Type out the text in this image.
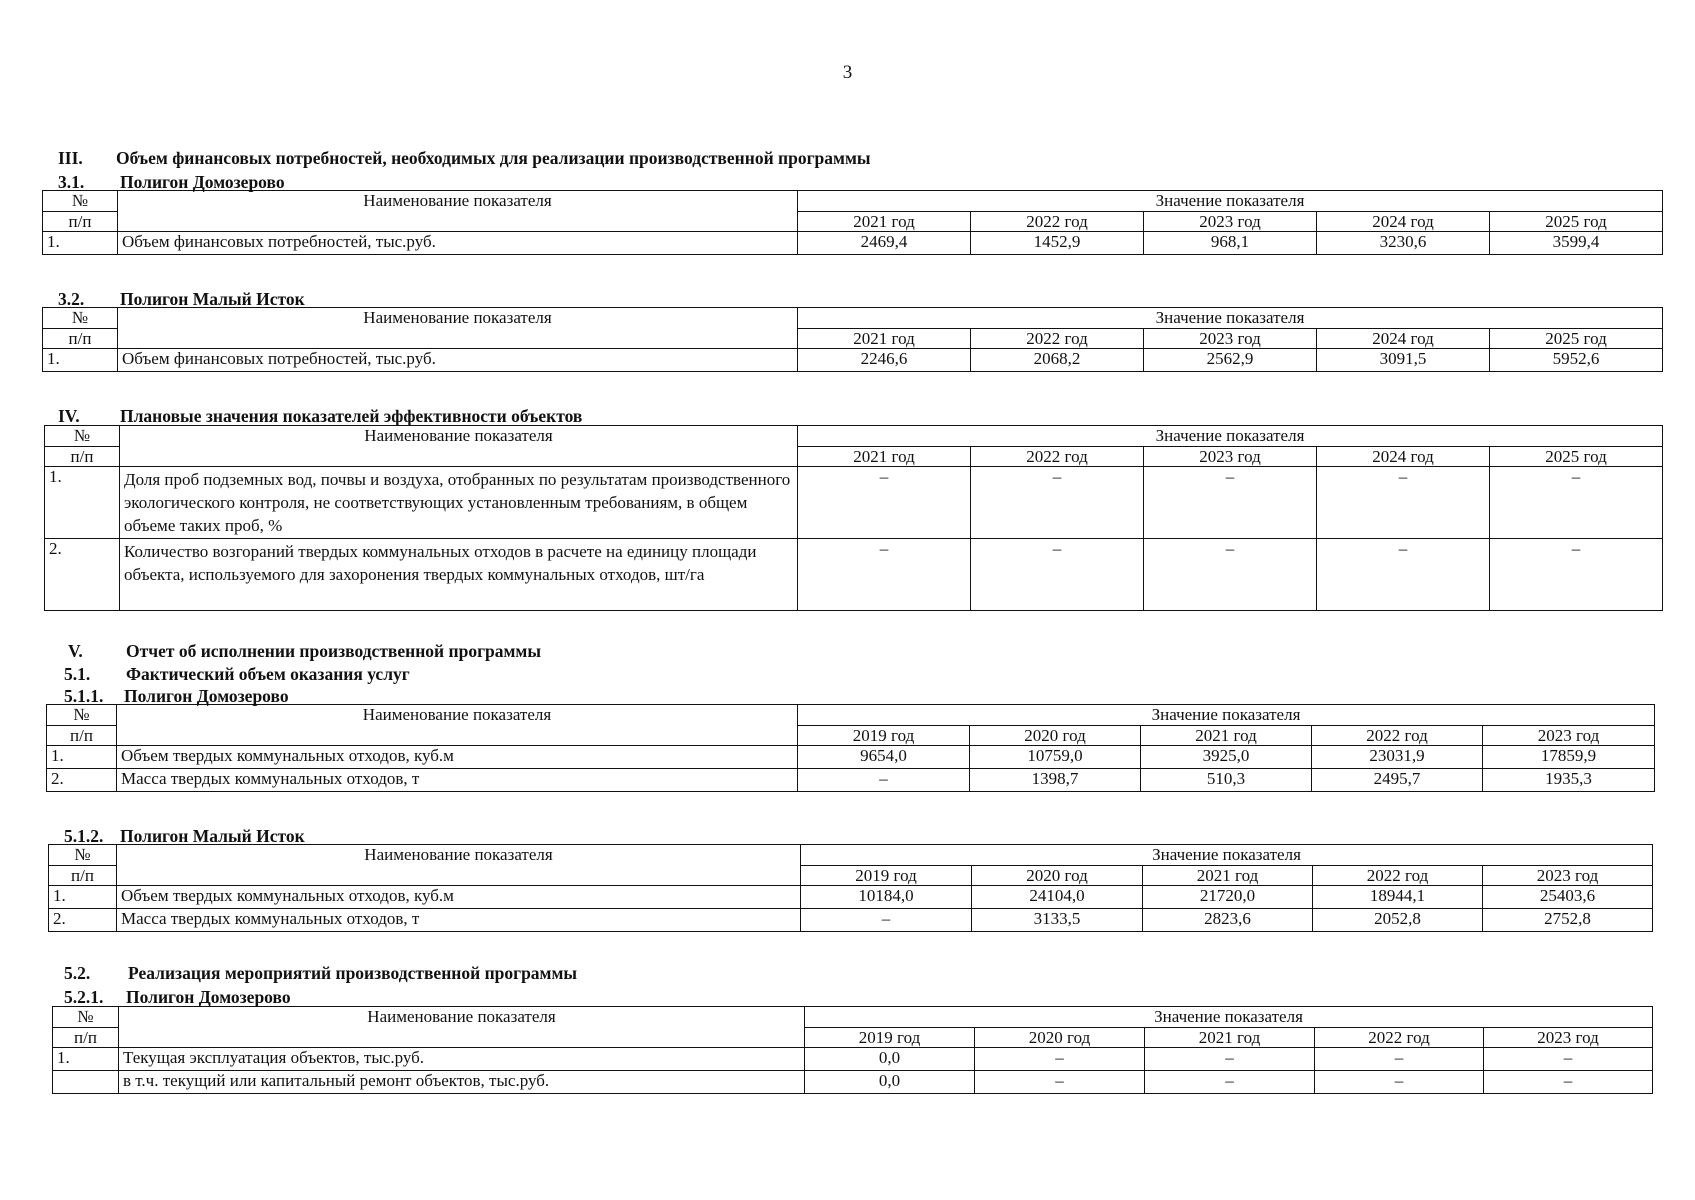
3
III. Объем финансовых потребностей, необходимых для реализации производственной программы
3.1. Полигон Домозерово
№	Наименование показателя	Значение показателя				
п/п		2021 год	2022 год	2023 год	2024 год	2025 год
1.	Объем финансовых потребностей, тыс.руб.	2469,4	1452,9	968,1	3230,6	3599,4
3.2. Полигон Малый Исток
№	Наименование показателя	Значение показателя				
п/п		2021 год	2022 год	2023 год	2024 год	2025 год
1.	Объем финансовых потребностей, тыс.руб.	2246,6	2068,2	2562,9	3091,5	5952,6
IV. Плановые значения показателей эффективности объектов
№	Наименование показателя	Значение показателя				
п/п		2021 год	2022 год	2023 год	2024 год	2025 год
1.	Доля проб подземных вод, почвы и воздуха, отобранных по результатам производственного экологического контроля, не соответствующих установленным требованиям, в общем объеме таких проб, %	–	–	–	–	–
2.	Количество возгораний твердых коммунальных отходов в расчете на единицу площади объекта, используемого для захоронения твердых коммунальных отходов, шт/га	–	–	–	–	–
V. Отчет об исполнении производственной программы
5.1. Фактический объем оказания услуг
5.1.1. Полигон Домозерово
№	Наименование показателя	Значение показателя				
п/п		2019 год	2020 год	2021 год	2022 год	2023 год
1.	Объем твердых коммунальных отходов, куб.м	9654,0	10759,0	3925,0	23031,9	17859,9
2.	Масса твердых коммунальных отходов, т	–	1398,7	510,3	2495,7	1935,3
5.1.2. Полигон Малый Исток
№	Наименование показателя	Значение показателя				
п/п		2019 год	2020 год	2021 год	2022 год	2023 год
1.	Объем твердых коммунальных отходов, куб.м	10184,0	24104,0	21720,0	18944,1	25403,6
2.	Масса твердых коммунальных отходов, т	–	3133,5	2823,6	2052,8	2752,8
5.2. Реализация мероприятий производственной программы
5.2.1. Полигон Домозерово
№	Наименование показателя	Значение показателя				
п/п		2019 год	2020 год	2021 год	2022 год	2023 год
1.	Текущая эксплуатация объектов, тыс.руб.	0,0	–	–	–	–
	в т.ч. текущий или капитальный ремонт объектов, тыс.руб.	0,0	–	–	–	–
